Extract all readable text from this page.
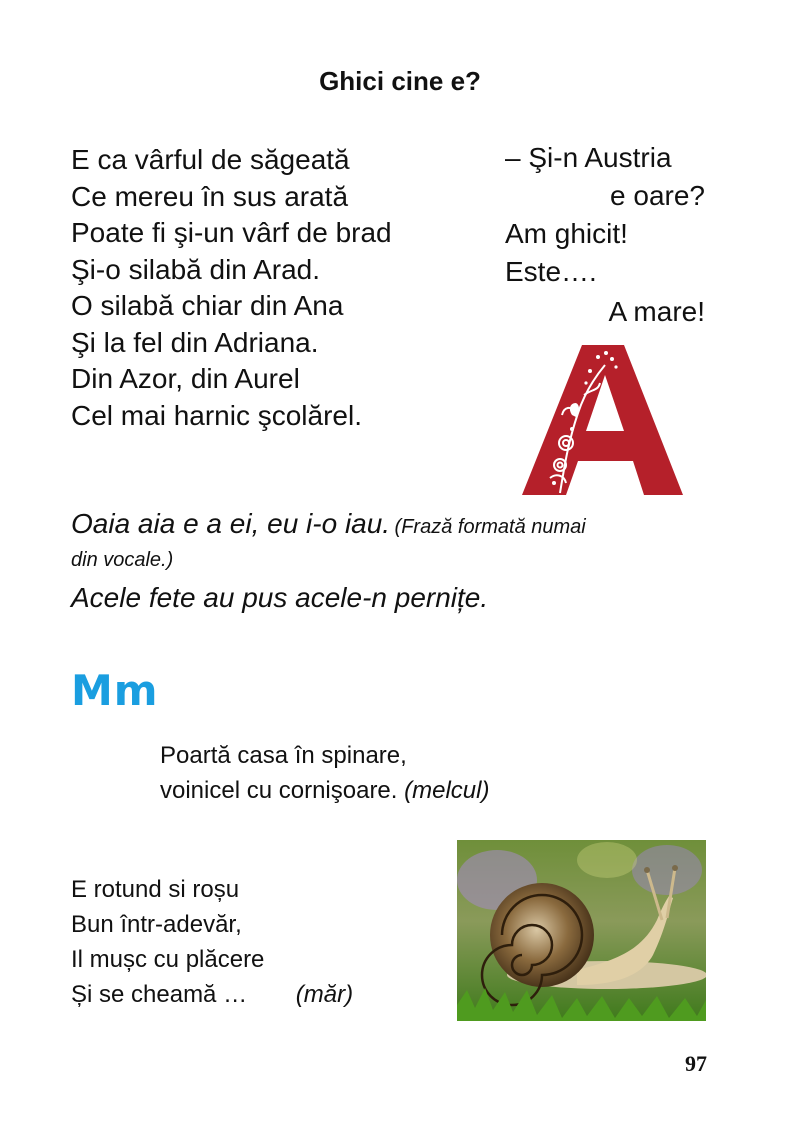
Ghici cine e?
E ca vârful de săgeată
Ce mereu în sus arată
Poate fi şi-un vârf de brad
Şi-o silabă din Arad.
O silabă chiar din Ana
Şi la fel din Adriana.
Din Azor, din Aurel
Cel mai harnic şcolărel.
– Şi-n Austria
e oare?
Am ghicit!
Este….
A mare!
Oaia aia e a ei, eu i-o iau. (Frază formată numai
din vocale.)
Acele fete au pus acele-n pernițe.
Mm
Poartă casa în spinare,
voinicel cu cornişoare. (melcul)
E rotund si roșu
Bun într-adevăr,
Il mușc cu plăcere
Și se cheamă … (măr)
97
